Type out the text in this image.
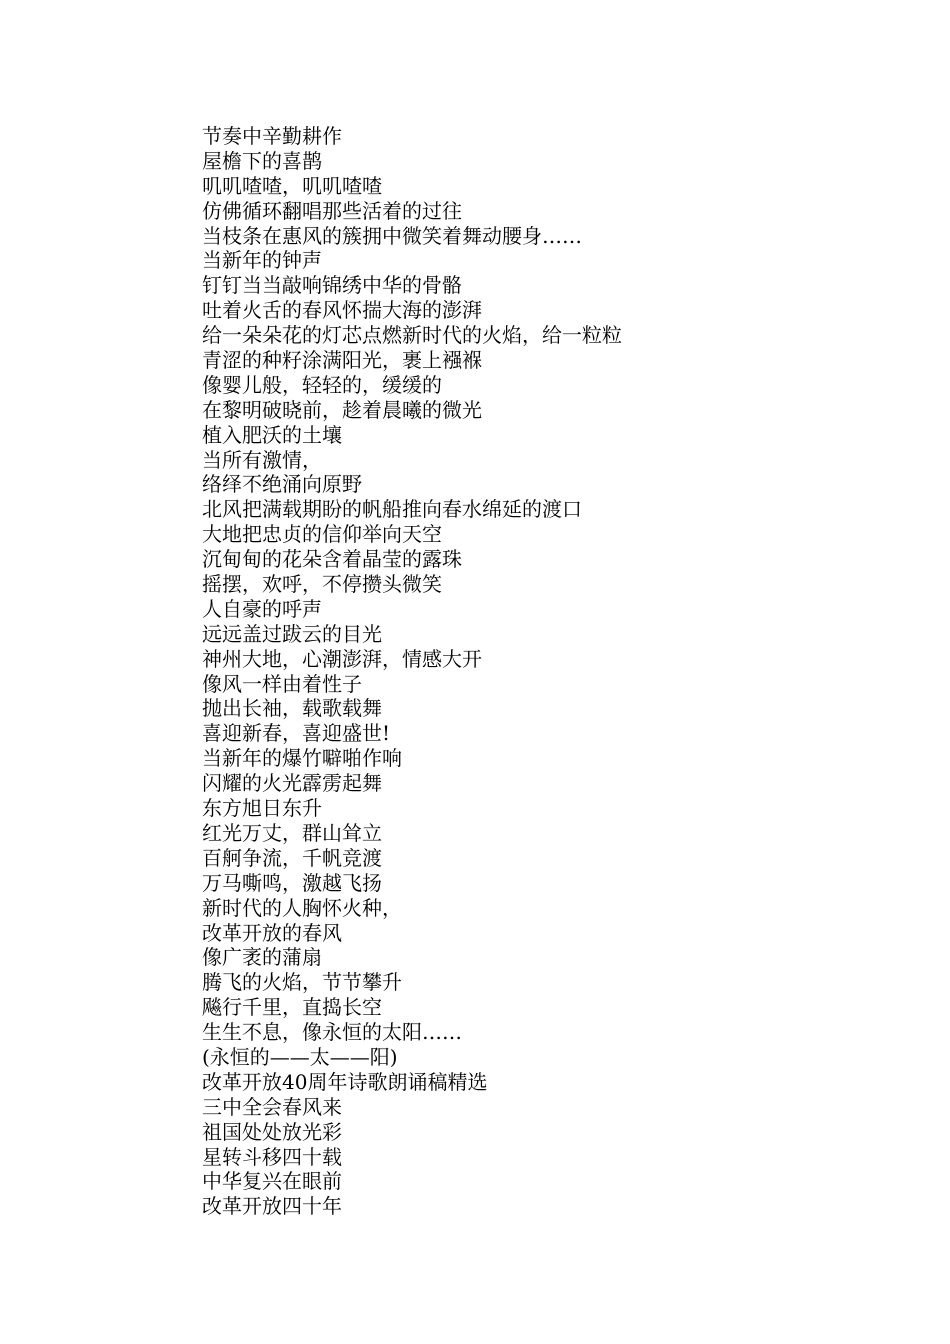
节奏中辛勤耕作
屋檐下的喜鹊
叽叽喳喳，叽叽喳喳
仿佛循环翻唱那些活着的过往
当枝条在惠风的簇拥中微笑着舞动腰身……
当新年的钟声
钉钉当当敲响锦绣中华的骨骼
吐着火舌的春风怀揣大海的澎湃
给一朵朵花的灯芯点燃新时代的火焰，给一粒粒
青涩的种籽涂满阳光，裹上襁褓
像婴儿般，轻轻的，缓缓的
在黎明破晓前，趁着晨曦的微光
植入肥沃的土壤
当所有激情，
络绎不绝涌向原野
北风把满载期盼的帆船推向春水绵延的渡口
大地把忠贞的信仰举向天空
沉甸甸的花朵含着晶莹的露珠
摇摆，欢呼，不停攒头微笑
人自豪的呼声
远远盖过跋云的目光
神州大地，心潮澎湃，情感大开
像风一样由着性子
抛出长袖，载歌载舞
喜迎新春，喜迎盛世!
当新年的爆竹噼啪作响
闪耀的火光霹雳起舞
东方旭日东升
红光万丈，群山耸立
百舸争流，千帆竞渡
万马嘶鸣，激越飞扬
新时代的人胸怀火种，
改革开放的春风
像广袤的蒲扇
腾飞的火焰，节节攀升
飚行千里，直捣长空
生生不息，像永恒的太阳……
(永恒的——太——阳)
改革开放40周年诗歌朗诵稿精选
三中全会春风来
祖国处处放光彩
星转斗移四十载
中华复兴在眼前
改革开放四十年
